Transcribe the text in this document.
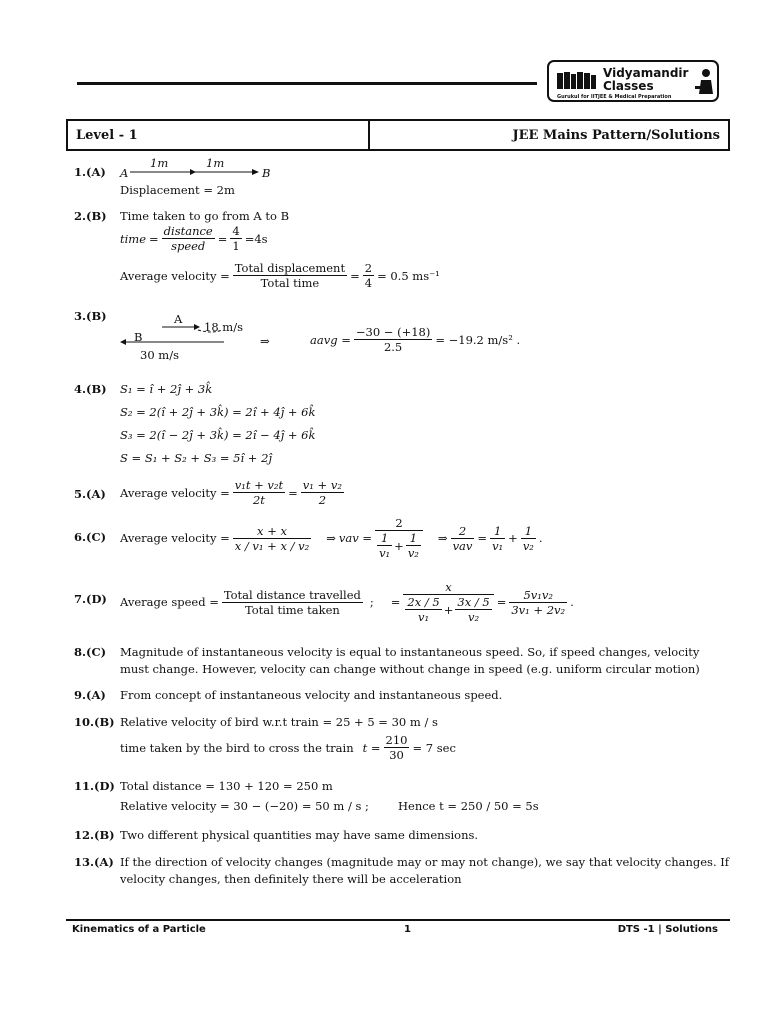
Vidyamandir
Classes
Gurukul for IITJEE & Medical Preparation
Level - 1	JEE Mains Pattern/Solutions
1.(A) A
1m	1m
B
Displacement = 2m
2.(B) Time taken to go from A to B
time = $\frac{\text{distance}}{\text{speed}} = \frac{4}{1} =4s$
Average velocity = $\frac{\text{Total displacement}}{\text{Total time}} = \frac{2}{4} = 0.5$ ms⁻¹
3.(B)	A
18 m/s
B
30 m/s
⇒	aavg = $\frac{-30 - (+18)}{2.5} = -19.2$ m/s² .
4.(B) S₁ = î + 2ĵ + 3k̂
S₂ = 2(î + 2ĵ + 3k̂) = 2î + 4ĵ + 6k̂
S₃ = 2(î − 2ĵ + 3k̂) = 2î − 4ĵ + 6k̂
S = S₁ + S₂ + S₃ = 5î + 2ĵ
5.(A) Average velocity = $\frac{\text{v₁t + v₂t}}{2t} = \frac{\text{v₁ + v₂}}{2}$
6.(C) Average velocity = $\frac{x + x}{\text{x / v₁ + x / v₂}}$ ⇒ vav = $\frac{2}{\frac{1}{\text{v₁}} + \frac{1}{\text{v₂}}}$ ⇒ $\frac{2}{\text{vav}} = \frac{1}{\text{v₁}} + \frac{1}{\text{v₂}}$ .
7.(D) Average speed = $\frac{\text{Total distance travelled}}{\text{Total time taken}}$ ; = $\frac{x}{\frac{2x / 5}{\text{v₁}} + \frac{3x / 5}{\text{v₂}}} = \frac{\text{5v₁v₂}}{\text{3v₁ + 2v₂}}$ .
8.(C) Magnitude of instantaneous velocity is equal to instantaneous speed. So, if speed changes, velocity must change. However, velocity can change without change in speed (e.g. uniform circular motion)
9.(A) From concept of instantaneous velocity and instantaneous speed.
10.(B) Relative velocity of bird w.r.t train = 25 + 5 = 30 m / s
time taken by the bird to cross the train $t = \frac{210}{30} = 7$ sec
11.(D) Total distance = 130 + 120 = 250 m
Relative velocity = 30 − (−20) = 50 m / s ;	Hence t = 250 / 50 = 5s
12.(B) Two different physical quantities may have same dimensions.
13.(A) If the direction of velocity changes (magnitude may or may not change), we say that velocity changes. If velocity changes, then definitely there will be acceleration
Kinematics of a Particle	1	DTS -1 | Solutions
